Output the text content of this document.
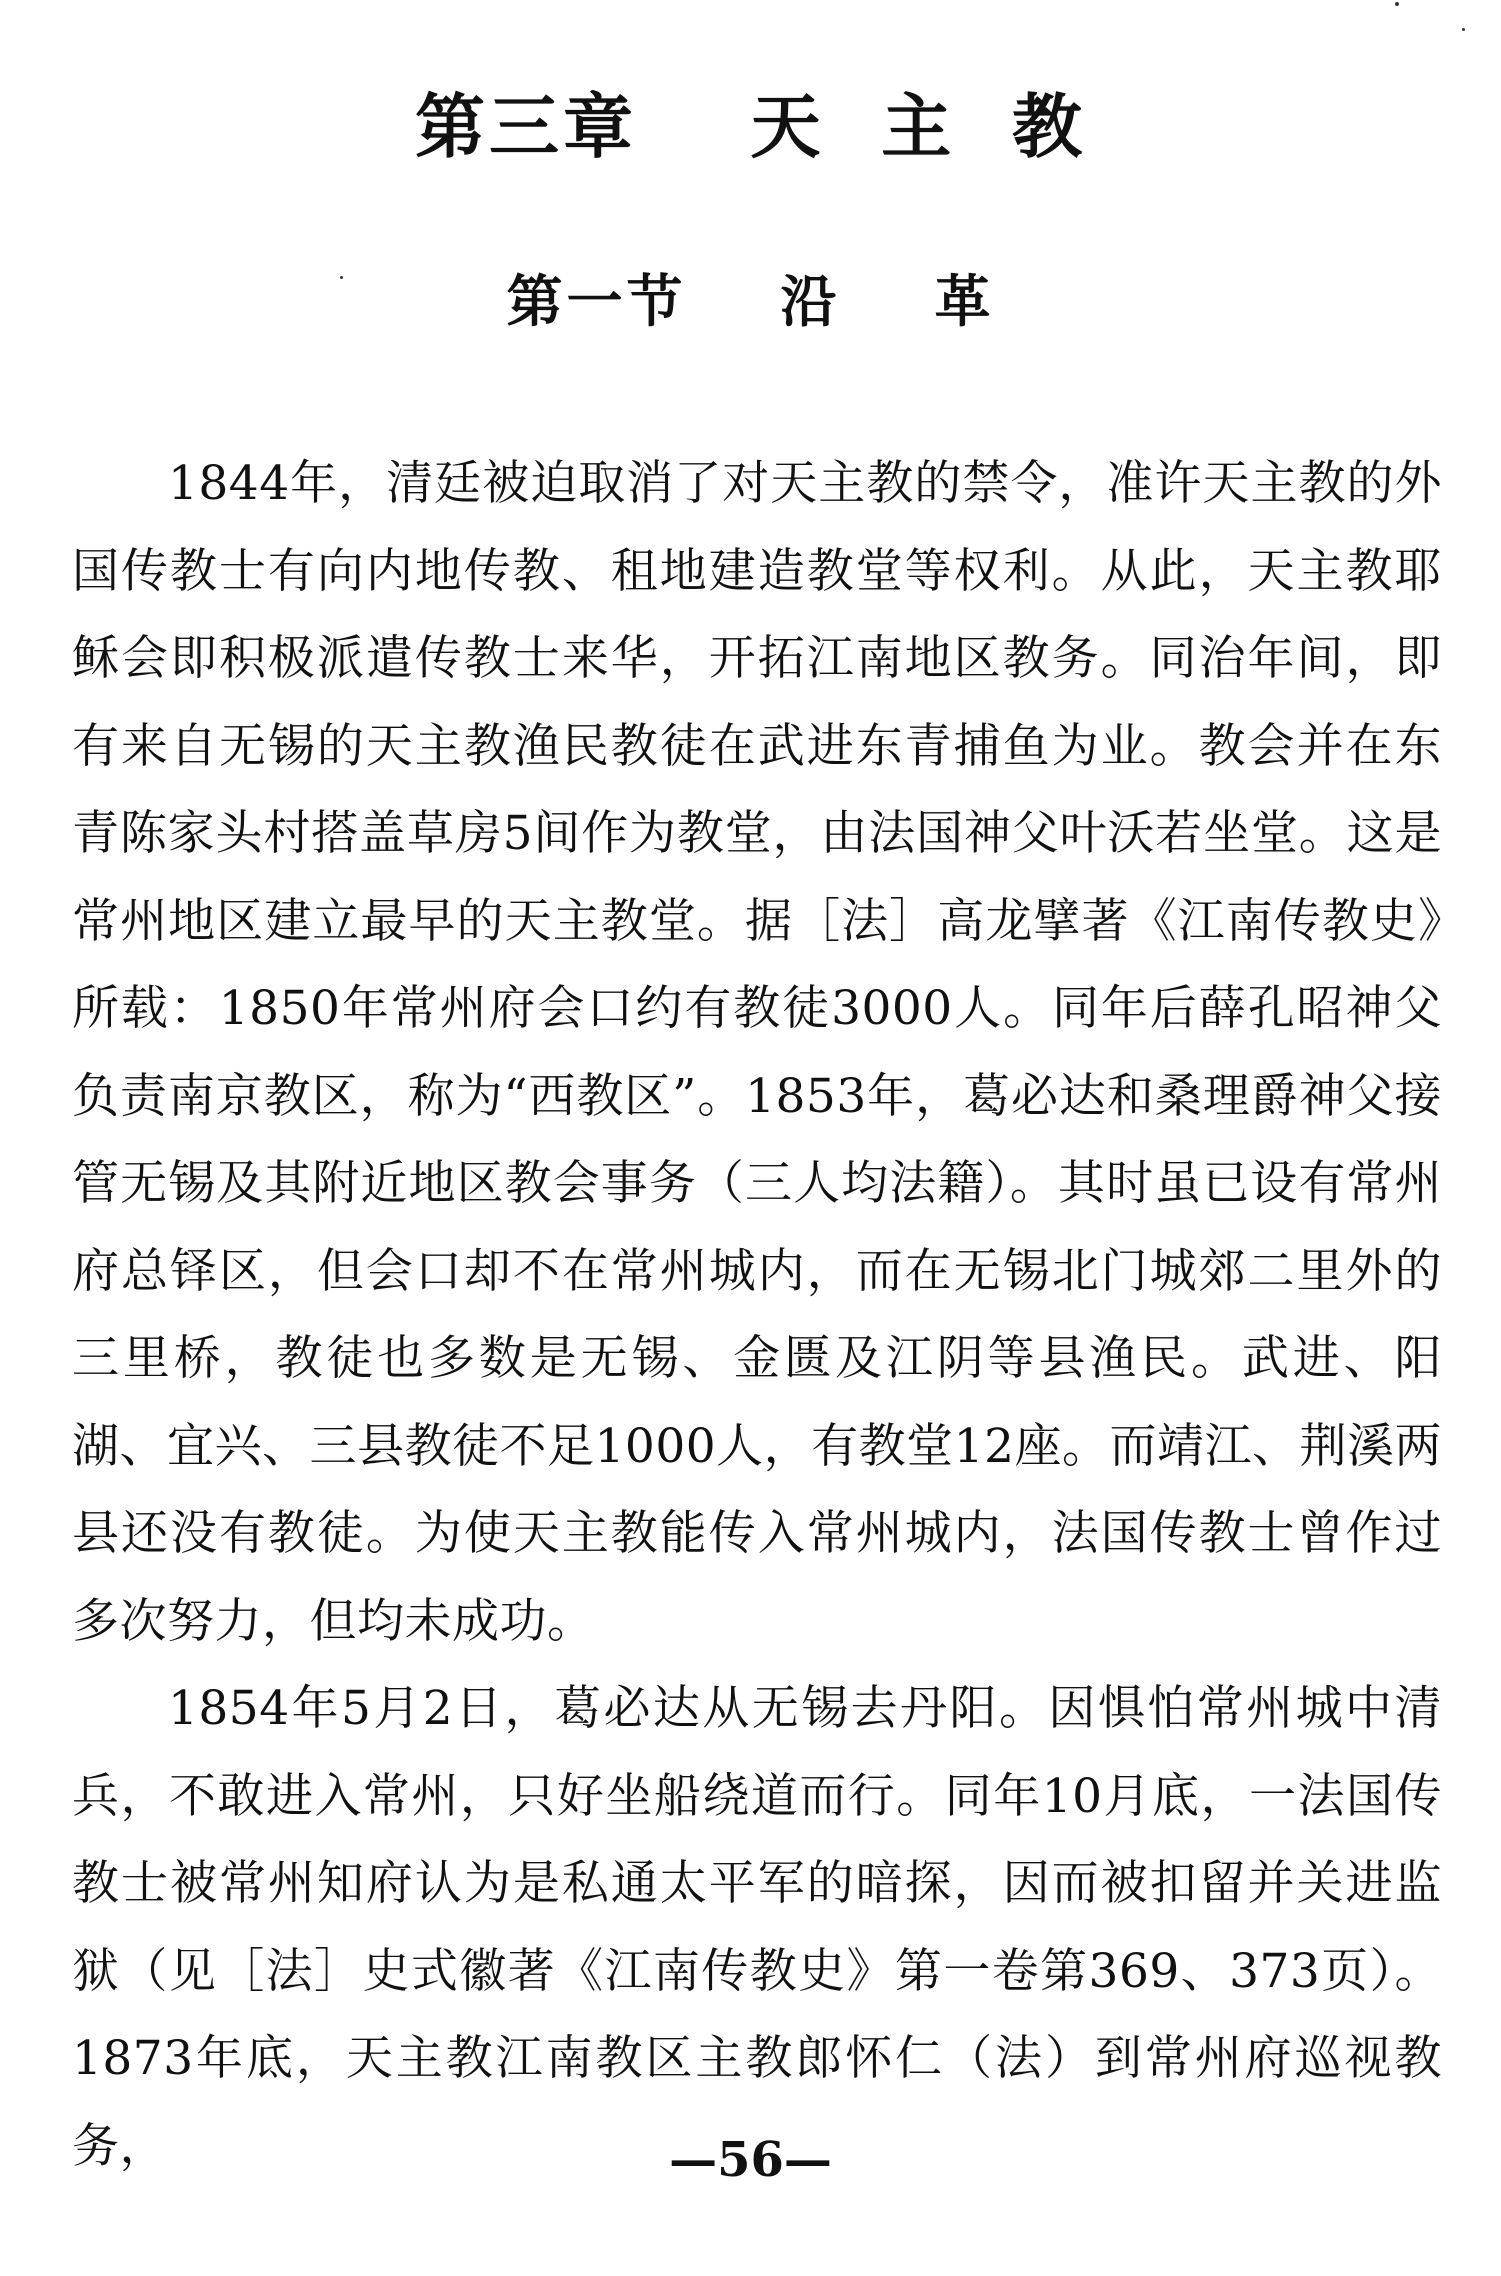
第三章    天  主  教
第一节    沿    革

1844年，清廷被迫取消了对天主教的禁令，准许天主教的外国传教士有向内地传教、租地建造教堂等权利。从此，天主教耶稣会即积极派遣传教士来华，开拓江南地区教务。同治年间，即有来自无锡的天主教渔民教徒在武进东青捕鱼为业。教会并在东青陈家头村搭盖草房5间作为教堂，由法国神父叶沃若坐堂。这是常州地区建立最早的天主教堂。据［法］高龙擘著《江南传教史》所载：1850年常州府会口约有教徒3000人。同年后薛孔昭神父负责南京教区，称为“西教区”。1853年，葛必达和桑理爵神父接管无锡及其附近地区教会事务（三人均法籍）。其时虽已设有常州府总铎区，但会口却不在常州城内，而在无锡北门城郊二里外的三里桥，教徒也多数是无锡、金匮及江阴等县渔民。武进、阳湖、宜兴、三县教徒不足1000人，有教堂12座。而靖江、荆溪两县还没有教徒。为使天主教能传入常州城内，法国传教士曾作过多次努力，但均未成功。

1854年5月2日，葛必达从无锡去丹阳。因惧怕常州城中清兵，不敢进入常州，只好坐船绕道而行。同年10月底，一法国传教士被常州知府认为是私通太平军的暗探，因而被扣留并关进监狱（见［法］史式徽著《江南传教史》第一卷第369、373页）。1873年底，天主教江南教区主教郎怀仁（法）到常州府巡视教务，	—56—
